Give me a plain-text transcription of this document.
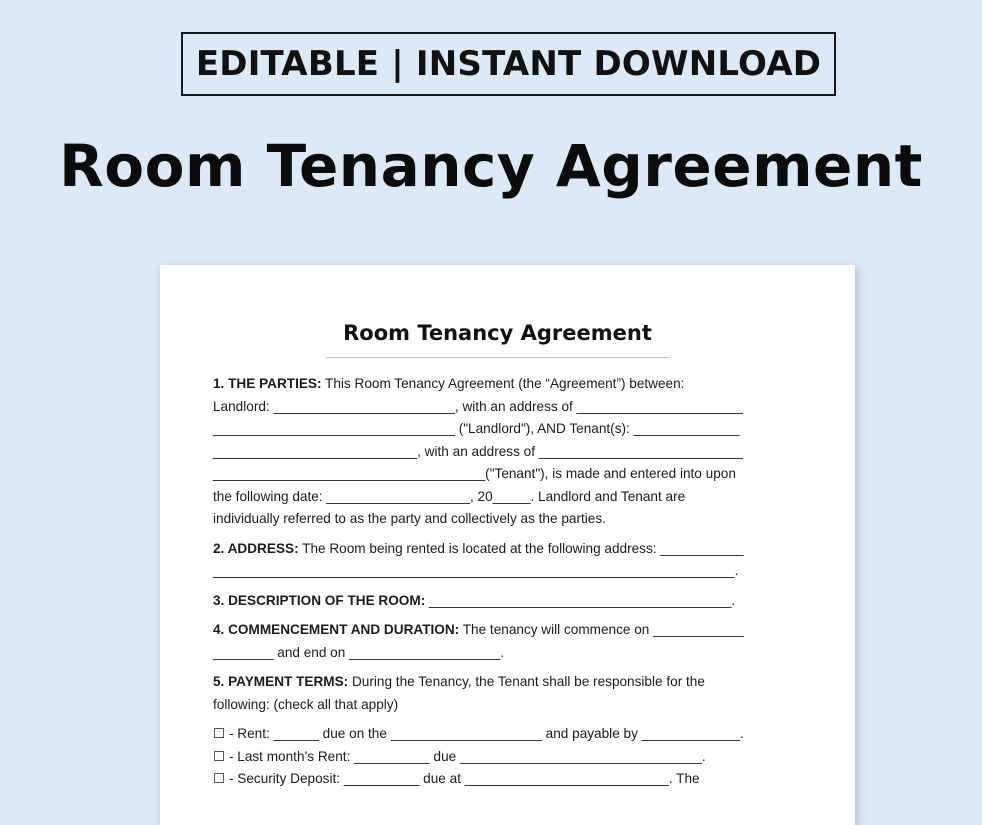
EDITABLE | INSTANT DOWNLOAD
Room Tenancy Agreement
Room Tenancy Agreement
1. THE PARTIES: This Room Tenancy Agreement (the “Agreement”) between:
Landlord: ________________________, with an address of ______________________
________________________________ ("Landlord"), AND Tenant(s): ______________
___________________________, with an address of ___________________________
____________________________________("Tenant"), is made and entered into upon
the following date: ___________________, 20_____. Landlord and Tenant are
individually referred to as the party and collectively as the parties.
2. ADDRESS: The Room being rented is located at the following address: ___________
_____________________________________________________________________.
3. DESCRIPTION OF THE ROOM: ________________________________________.
4. COMMENCEMENT AND DURATION: The tenancy will commence on ____________
________ and end on ____________________.
5. PAYMENT TERMS: During the Tenancy, the Tenant shall be responsible for the
following: (check all that apply)
☐ - Rent: ______ due on the ____________________ and payable by _____________.
☐ - Last month’s Rent: __________ due ________________________________.
☐ - Security Deposit: __________ due at ___________________________. The
